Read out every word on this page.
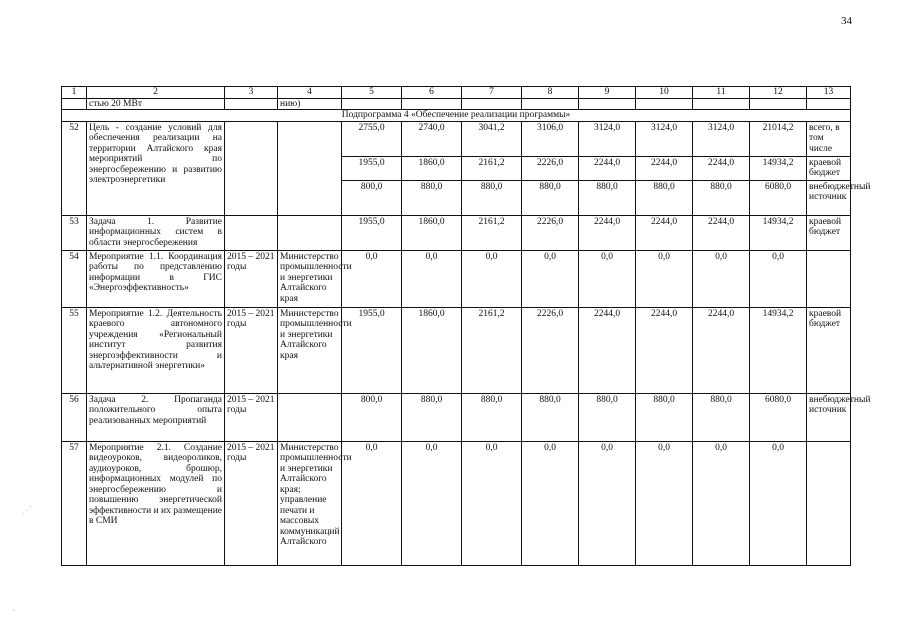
34
1	2	3	4	5	6	7	8	9	10	11	12	13
	стью 20 МВт		нию)									
Подпрограмма 4 «Обеспечение реализации программы»												
52	Цель - создание условий для обеспечения реализации на территории Алтайского края мероприятий по энергосбережению и развитию электроэнергетики			2755,0	2740,0	3041,2	3106,0	3124,0	3124,0	3124,0	21014,2	всего, в том числе
				1955,0	1860,0	2161,2	2226,0	2244,0	2244,0	2244,0	14934,2	краевой бюджет
				800,0	880,0	880,0	880,0	880,0	880,0	880,0	6080,0	внебюджетный источник
53	Задача 1. Развитие информационных систем в области энергосбережения			1955,0	1860,0	2161,2	2226,0	2244,0	2244,0	2244,0	14934,2	краевой бюджет
54	Мероприятие 1.1. Координация работы по представлению информации в ГИС «Энергоэффективность»	2015 – 2021 годы	Министерство промышленности и энергетики Алтайского края	0,0	0,0	0,0	0,0	0,0	0,0	0,0	0,0	
55	Мероприятие 1.2. Деятельность краевого автономного учреждения «Региональный институт развития энергоэффективности и альтернативной энергетики»	2015 – 2021 годы	Министерство промышленности и энергетики Алтайского края	1955,0	1860,0	2161,2	2226,0	2244,0	2244,0	2244,0	14934,2	краевой бюджет
56	Задача 2. Пропаганда положительного опыта реализованных мероприятий	2015 – 2021 годы		800,0	880,0	880,0	880,0	880,0	880,0	880,0	6080,0	внебюджетный источник
57	Мероприятие 2.1. Создание видеоуроков, видеороликов, аудиоуроков, брошюр, информационных модулей по энергосбережению и повышению энергетической эффективности и их размещение в СМИ	2015 – 2021 годы	Министерство промышленности и энергетики Алтайского края; управление печати и массовых коммуникаций Алтайского	0,0	0,0	0,0	0,0	0,0	0,0	0,0	0,0	
⋰
·
